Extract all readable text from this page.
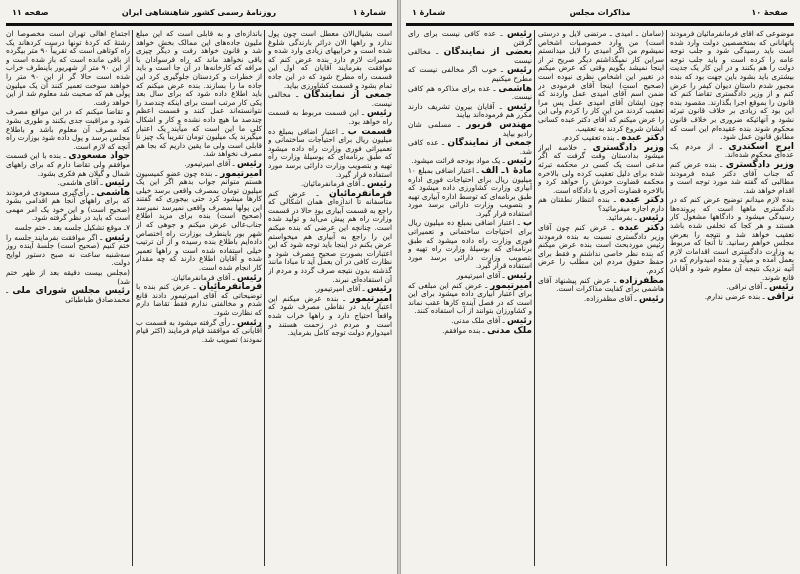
شمارهٔ ۱
روزنامهٔ رسمی کشور شاهنشاهی ایران
صفحه ۱۱

است بشیال‌الان معطل است چون پول ندارد و راهها الان دراثر بارندگی شلوغ شده است و خرابیهای زیادی وارد شده و تعمیرات لازم دارد بنده عرض کنم که موافقت بفرمایند آقایان که اول این قسمت راه مطرح شود که در این جاده تمام بشود و قسمت کشاورزی بیاید.

جمعی از نمایندگان ـ مخالفی نیست.

رئیس ـ این قسمت مربوط به قسمت راه خواهد بود.

قسمت ب ـ اعتبار اضافی بمبلغ ده میلیون ریال برای احتیاجات ساختمانی و تعمیراتی فوری وزارت راه داده میشود که طبق برنامه‌ای که بوسیلهٔ وزارت راه تهیه و بتصویب وزارت دارائی برسد مورد استفاده قرار گیرد.

رئیس ـ آقای فرمانفرمائیان.

فرمانفرمائیان ـ عرض کنم متأسفانه تا اندازه‌ای همان اشکالی که راجع به قسمت آبیاری بود حالا در قسمت وزارت راه هم پیش می‌آید و تولید شده است. چنانچه این عرضی که بنده میکنم این را راجع به آبیاری هم میخواستم عرض بکنم در اینجا باید توجه شود که این اعتبارات بصورت صحیح مصرف شود و نظارت کافی در آن بعمل آید تا مبادا مانند گذشته بدون نتیجه صرف گردد و مردم از آن استفاده‌ای نبرند.

رئیس ـ آقای امیرتیمور.

امیرتیمور ـ بنده عرض میکنم این اعتبار باید در نقاطی مصرف شود که واقعاً احتیاج دارد و راهها خراب شده است و مردم در زحمت هستند و امیدوارم دولت توجه کامل بفرماید.

باندازه‌ای و به قابلی است که این مبلغ ملیون جاده‌های این ممالک بخش خواهد شد و قانون خواهد رفت و دیگر چیزی باقی نخواهد ماند که راه قرسوادان با مرافه که کارخانه‌ها در آن جا است و باید از خطرات و کردستان جلوگیری کرد این جاده ما را بسازند. بنده عرض میکنم که باید اطلاع داده شود که برای سال بعد یکی کار مرتب است برای اینکه چندصد را نتوانسته‌اند عمل کنند و قسمت اعظم چندصد ما هیچ داده نشده و کار و اشکال کلی ما این است که میآیند یک اعتبار میگیرند یک میلیون تومان تقریباً یک چیز نا قابلی است ولی ما یقین داریم که بجا هم مصرف نخواهد شد.

رئیس ـ آقای امیرتیمور.

امیرتیمور ـ بنده چون عضو کمیسیون هستم متوانم جواب بدهم اگر این یک میلیون تومان بمصرف واقعی برسد خیلی کارها میشود کرد حتی بیجوری که گفتند این پولها بمصرف واقعی نمیرسد نمیرسد (صحیح است) بنده برای مزید اطلاع جناب‌عالی عرض میکنم و جوهی که از شهر بور باینطرف بوزارت راه اختصاص داده‌ایم باطلاع بنده رسیده و از آن ترتیب خیلی استفاده شده است و راهها تعمیر شده و آقایان اطلاع دارند که چه مقدار کار انجام شده است.

رئیس ـ آقای فرمانفرمائیان.

فرمانفرمائیان ـ عرض کنم بنده با توضیحاتی که آقای امیرتیمور دادند قانع شدم و مخالفتی ندارم فقط تقاضا دارم که نظارت شود.

رئیس ـ رأی گرفته میشود به قسمت ب آقایانی که موافقند قیام فرمایند (اکثر قیام نمودند) تصویب شد.

اجتماع اهالی تهران است مخصوصاً آن رشتهٔ که کردهٔ تونها درست کردهاند یک راه کوتاهی است که تقریباً ۹۰ متر بیگرده از باقی مانده است که باز شده است و از این ۹۰ متر از شهریور باینطرف خراب شده است حالا گر از این ۹۰ متر را خواهند سوخت تعمیر کنند آن یک میلیون پولی هم که صحبت شد معلوم شد از این خواهد رفت.

و تقاضا میکنم که در این مواقع مصرف شود و مراقبت جدی بکنند و طوری بشود که مصرف آن معلوم باشد و باطلاع مجلس برسد و پول داده شود بوزارت راه آنچه که لازم است.

جواد مسعودی ـ بنده با این قسمت موافقم ولی تقاضا دارم که برای راههای شمال و گیلان هم فکری بشود.

رئیس ـ آقای هاشمی.

هاشمی ـ رأی‌گیری مسعودی فرمودند که برای راههای آنجا هم اقدامی بشود (صحیح است) و این خود یک امر مهمی است که باید در نظر گرفته شود.

۷ـ موقع تشکیل جلسه بعد ـ ختم جلسه

رئیس ـ اگر موافقت بفرمایند جلسه را ختم کنیم (صحیح است) جلسهٔ آینده روز سه‌شنبه ساعت نه صبح دستور لوایح دولت.

(مجلس بیست دقیقه بعد از ظهر ختم شد)

رئیس مجلس شورای ملی ـ محمدصادق طباطبائی

صفحهٔ ۱۰
مذاکرات مجلس
شمارهٔ ۱

موضوعی که آقای فرمانفرمائیان فرمودند پاتهانانی که بمتخصصین دولت وارد شده است باید رسیدگی شود و جلب توجه عامه را کرده است و باید جلب توجه دولت را هم بکنند و در این کار یک جدیت بیشتری باید بشود باین جهت بود که بنده مجبور شدم داستان دیوان کیفر را عرض کنم و از وزیر دادگستری تقاضا کنم که قانون را بموقع اجرا بگذارند. مقصود بنده این بود که زیادی بر خلاف قانون تبرئه نشود و آنهائیکه ضروری بر خلاف قانون محکوم شوند بنده عقیده‌ام این است که مطابق قانون عمل شود.

ایرج اسکندری ـ از مردم یک عده‌ای محکوم شده‌اند.

وزیر دادگستری ـ بنده عرض کنم که جناب آقای دکتر عبده فرمودند مطالبی که گفته شد مورد توجه است و اقدام خواهد شد.

بنده لازم میدانم توضیح عرض کنم که در دادگستری ماهها است که پرونده‌ها رسیدگی میشود و دادگاهها مشغول کار هستند و هر کجا که تخلفی شده باشد تعقیب خواهد شد و نتیجه را بعرض مجلس خواهم رسانید. تا آنجا که مربوط به وزارت دادگستری است اقدامات لازم بعمل آمده و میآید و بنده امیدوارم که در آتیه نزدیک نتیجه آن معلوم شود و آقایان قانع شوند.

رئیس ـ آقای نراقی.

نراقی ـ بنده عرضی ندارم.

(سامان ـ امیدی ـ مرتضی لایل و درستی است) من وارد خصوصیات اشخاص نمیشوم من اگر امیدی را لایل میدانستم سراین کار نمیگذاشتم دیگر صریح تر از اینجا نمیشد بگویم وقتی که عرض میکنم در تغییر این اشخاص نظری نبوده است (صحیح است) اینجا آقای فرمودی در ضمن اسم آقای امیدی عمل واردند که چون ایشان آقای امیدی عمل پس مرا تعقیب کردند من این کار را کردم ولی این را عرض میکنم که آقای دکتر عبده کسانی ایشان شروع کردند به تعقیب.

دکتر عبده ـ بنده تعقیب کردم.

وزیر دادگستری ـ خلاصه ابراز میشود بدادستان وقت گرفت که اگر مدعی است یک کسی در محکمه تبرئه شده برای دلیل تعقیب کرده ولی بالاخره محکمه قضاوت خودش را خواهد کرد و بالاخره قضاوت آخری با دادگاه است.

دکتر عبده ـ بنده انتظار نطقتان هم دارم اجازه میفرمائید؟

رئیس ـ بفرمائید.

دکتر عبده ـ عرض کنم چون آقای وزیر دادگستری نسبت به بنده فرمودند رئیس موردبحث است بنده عرض میکنم که بنده نظر خاصی نداشتم و فقط برای حفظ حقوق مردم این مطلب را عرض کردم.

مظفرزاده ـ عرض کنم پیشنهاد آقای هاشمی برای کفایت مذاکرات است.

رئیس ـ آقای مظفرزاده.

رئیس ـ عده کافی نیست برای رأی گرفتن

بعضی از نمایندگان ـ مخالفی نیست

رئیس ـ خوب اگر مخالفی نیست که مطرح میکنیم

هاشمی ـ عده برای مذاکره هم کافی نیست.

رئیس ـ آقایان بیرون تشریف دارند مکرر هم فرموده‌اند بیایند

مهندس فریور ـ مسلمی شان رادیو بیاید

جمعی از نمایندگان ـ عده کافی شد.

رئیس ـ یک مواد بودجه قرائت میشود.

مادهٔ ۱ـ الف ـ اعتبار اضافی بمبلغ ۱۰ میلیون ریال برای احتیاجات فوری اداره آبیاری وزارت کشاورزی داده میشود که طبق برنامه‌ای که توسط اداره آبیاری تهیه و بتصویب وزارت دارائی برسد مورد استفاده قرار گیرد.

ب ـ اعتبار اضافی بمبلغ ده میلیون ریال برای احتیاجات ساختمانی و تعمیراتی فوری وزارت راه داده میشود که طبق برنامه‌ای که بوسیلهٔ وزارت راه تهیه و بتصویب وزارت دارائی برسد مورد استفاده قرار گیرد.

رئیس ـ آقای امیرتیمور

امیرتیمور ـ عرض کنم این مبلغی که برای اعتبار آبیاری داده میشود برای این است که در فصل آینده کارها عقب نماند و کشاورزان بتوانند از آب استفاده کنند.

رئیس ـ آقای ملک مدنی.

ملک مدنی ـ بنده موافقم.
